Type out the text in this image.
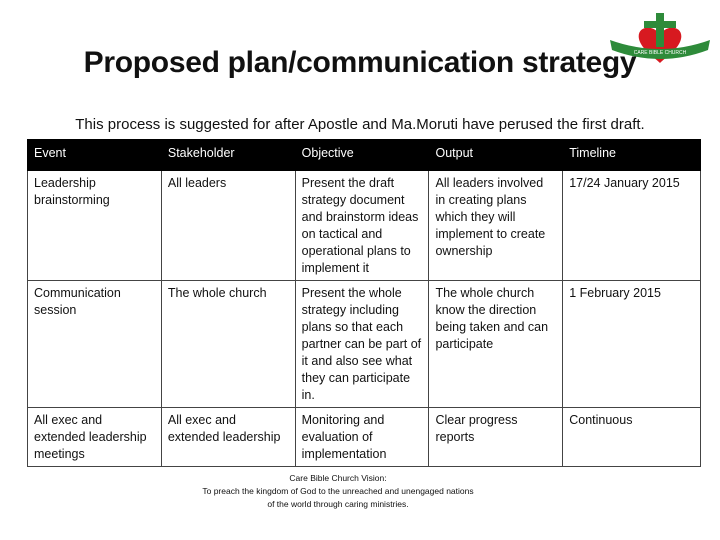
CARE BIBLE CHURCH
Proposed plan/communication strategy
This process is suggested for after Apostle and Ma.Moruti have perused the first draft.
Event	Stakeholder	Objective	Output	Timeline
Leadership brainstorming	All leaders	Present the draft strategy document and brainstorm ideas on tactical and operational plans to implement it	All leaders involved in creating plans which they will implement to create ownership	17/24 January 2015
Communication session	The whole church	Present the whole strategy including plans so that each partner can be part of it and also see what they can participate in.	The whole church know the direction being taken and can participate	1 February 2015
All exec and extended leadership meetings	All exec and extended leadership	Monitoring and evaluation of implementation	Clear progress reports	Continuous
Care Bible Church Vision:
To preach the kingdom of God to the unreached and unengaged nations
of the world through caring ministries.
